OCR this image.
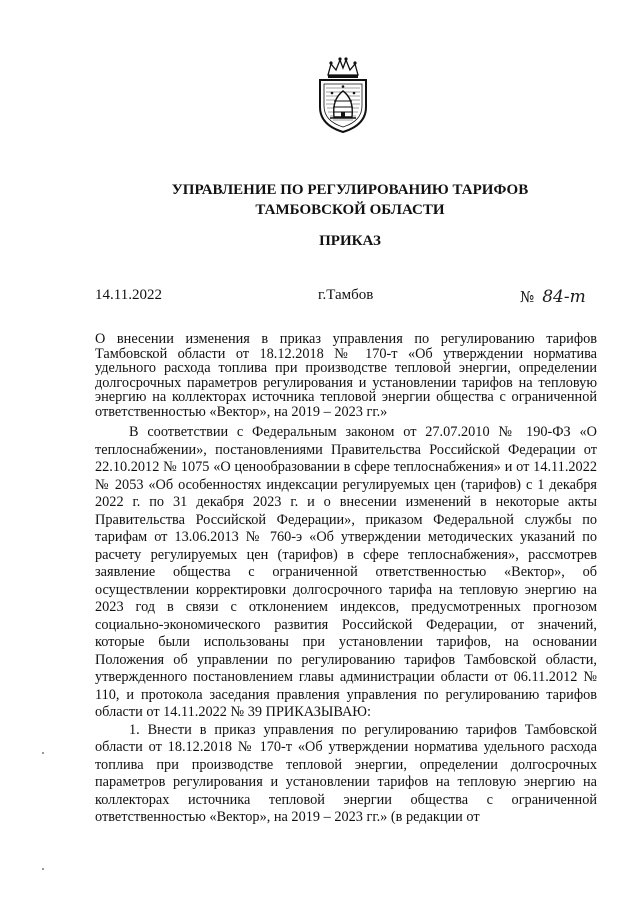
УПРАВЛЕНИЕ ПО РЕГУЛИРОВАНИЮ ТАРИФОВ
ТАМБОВСКОЙ ОБЛАСТИ
ПРИКАЗ
14.11.2022	г.Тамбов	№ 84-т
О внесении изменения в приказ управления по регулированию тарифов Тамбовской области от 18.12.2018 № 170-т «Об утверждении норматива удельного расхода топлива при производстве тепловой энергии, определении долгосрочных параметров регулирования и установлении тарифов на тепловую энергию на коллекторах источника тепловой энергии общества с ограниченной ответственностью «Вектор», на 2019 – 2023 гг.»

В соответствии с Федеральным законом от 27.07.2010 № 190-ФЗ «О теплоснабжении», постановлениями Правительства Российской Федерации от 22.10.2012 № 1075 «О ценообразовании в сфере теплоснабжения» и от 14.11.2022 № 2053 «Об особенностях индексации регулируемых цен (тарифов) с 1 декабря 2022 г. по 31 декабря 2023 г. и о внесении изменений в некоторые акты Правительства Российской Федерации», приказом Федеральной службы по тарифам от 13.06.2013 № 760-э «Об утверждении методических указаний по расчету регулируемых цен (тарифов) в сфере теплоснабжения», рассмотрев заявление общества с ограниченной ответственностью «Вектор», об осуществлении корректировки долгосрочного тарифа на тепловую энергию на 2023 год в связи с отклонением индексов, предусмотренных прогнозом социально-экономического развития Российской Федерации, от значений, которые были использованы при установлении тарифов, на основании Положения об управлении по регулированию тарифов Тамбовской области, утвержденного постановлением главы администрации области от 06.11.2012 № 110, и протокола заседания правления управления по регулированию тарифов области от 14.11.2022 № 39 ПРИКАЗЫВАЮ:

1. Внести в приказ управления по регулированию тарифов Тамбовской области от 18.12.2018 № 170-т «Об утверждении норматива удельного расхода топлива при производстве тепловой энергии, определении долгосрочных параметров регулирования и установлении тарифов на тепловую энергию на коллекторах источника тепловой энергии общества с ограниченной ответственностью «Вектор», на 2019 – 2023 гг.» (в редакции от
